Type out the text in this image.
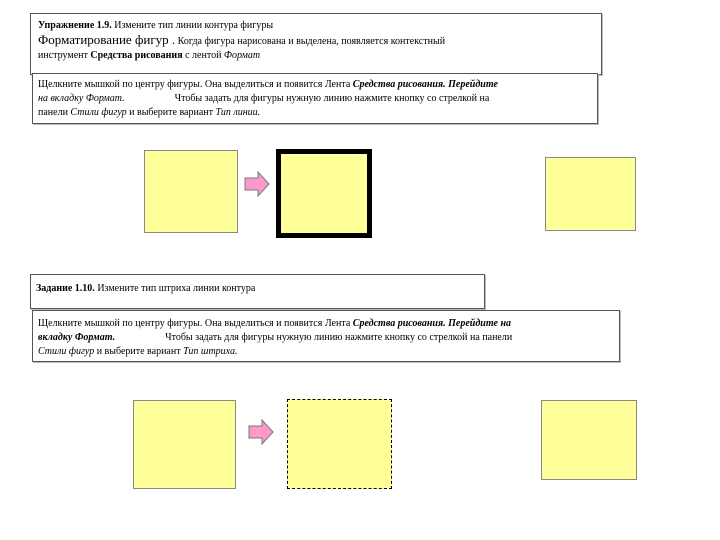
Упражнение 1.9. Измените тип линии контура фигуры
Форматирование фигур . Когда фигура нарисована и выделена, появляется контекстный
инструмент Средства рисования с лентой Формат
Щелкните мышкой по центру фигуры. Она выделиться и появится Лента Средства рисования. Перейдите
на вкладку Формат.	Чтобы задать для фигуры нужную линию нажмите кнопку со стрелкой на
панели Стили фигур и выберите вариант Тип линии.
Задание 1.10. Измените тип штриха линии контура
Щелкните мышкой по центру фигуры. Она выделиться и появится Лента Средства рисования. Перейдите на
вкладку Формат.	Чтобы задать для фигуры нужную линию нажмите кнопку со стрелкой на панели
Стили фигур и выберите вариант Тип штриха.
